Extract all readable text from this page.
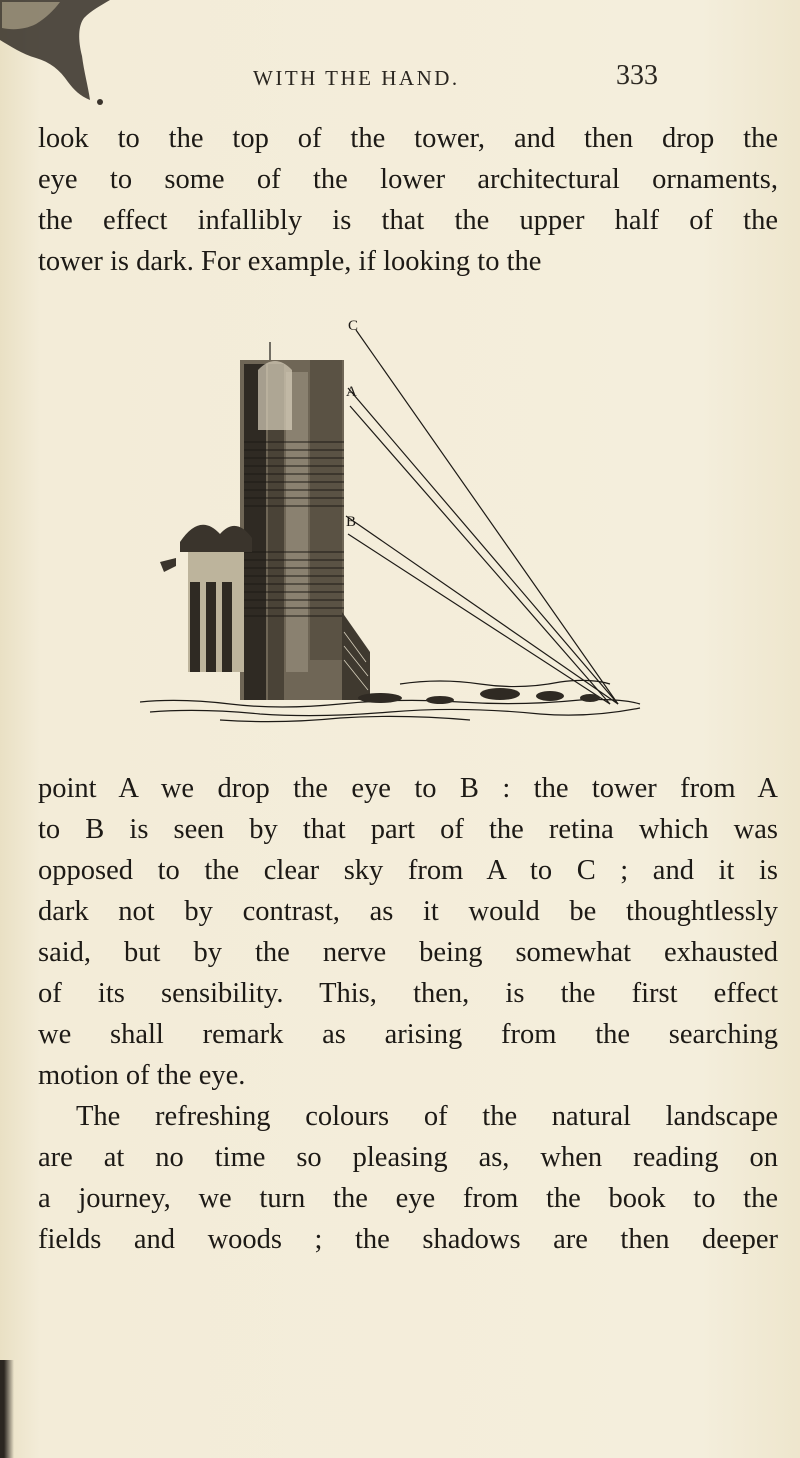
WITH THE HAND.	333

look to the top of the tower, and then drop the
eye to some of the lower architectural ornaments,
the effect infallibly is that the upper half of the
tower is dark. For example, if looking to the

C
A
B

point A we drop the eye to B : the tower from A
to B is seen by that part of the retina which was
opposed to the clear sky from A to C ; and it is
dark not by contrast, as it would be thoughtlessly
said, but by the nerve being somewhat exhausted
of its sensibility. This, then, is the first effect
we shall remark as arising from the searching
motion of the eye.
The refreshing colours of the natural landscape
are at no time so pleasing as, when reading on
a journey, we turn the eye from the book to the
fields and woods ; the shadows are then deeper
